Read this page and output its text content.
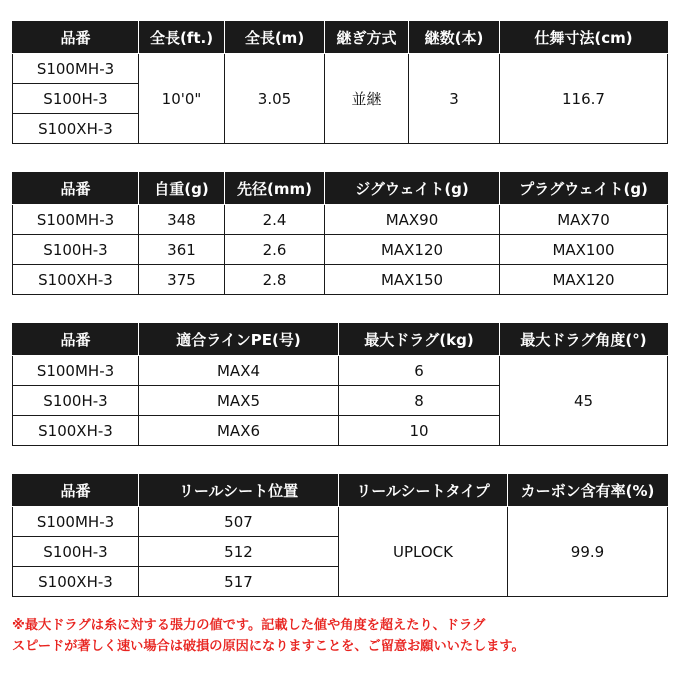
品番	全長(ft.)	全長(m)	継ぎ方式	継数(本)	仕舞寸法(cm)
S100MH-3	10'0"	3.05	並継	3	116.7
S100H-3					
S100XH-3					
品番	自重(g)	先径(mm)	ジグウェイト(g)	プラグウェイト(g)
S100MH-3	348	2.4	MAX90	MAX70
S100H-3	361	2.6	MAX120	MAX100
S100XH-3	375	2.8	MAX150	MAX120
品番	適合ラインPE(号)	最大ドラグ(kg)	最大ドラグ角度(°)
S100MH-3	MAX4	6	45
S100H-3	MAX5	8	
S100XH-3	MAX6	10	
品番	リールシート位置	リールシートタイプ	カーボン含有率(%)
S100MH-3	507	UPLOCK	99.9
S100H-3	512		
S100XH-3	517		
※最大ドラグは糸に対する張力の値です。記載した値や角度を超えたり、ドラグ
スピードが著しく速い場合は破損の原因になりますことを、ご留意お願いいたします。
